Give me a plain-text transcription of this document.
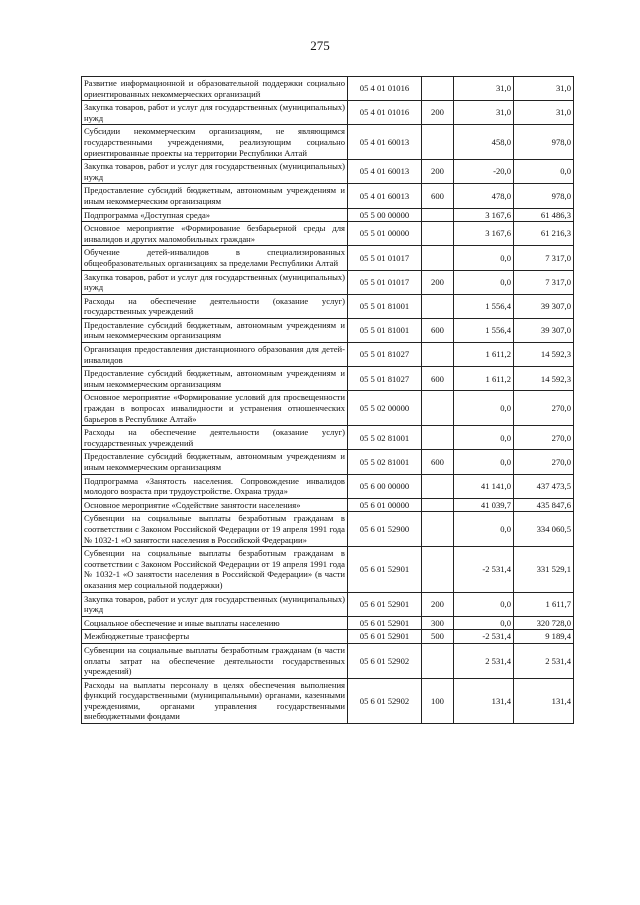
275
Развитие информационной и образовательной поддержки социально ориентированных некоммерческих организаций	05 4 01 01016		31,0	31,0
Закупка товаров, работ и услуг для государственных (муниципальных) нужд	05 4 01 01016	200	31,0	31,0
Субсидии некоммерческим организациям, не являющимся государственными учреждениями, реализующим социально ориентированные проекты на территории Республики Алтай	05 4 01 60013		458,0	978,0
Закупка товаров, работ и услуг для государственных (муниципальных) нужд	05 4 01 60013	200	-20,0	0,0
Предоставление субсидий бюджетным, автономным учреждениям и иным некоммерческим организациям	05 4 01 60013	600	478,0	978,0
Подпрограмма «Доступная среда»	05 5 00 00000		3 167,6	61 486,3
Основное мероприятие «Формирование безбарьерной среды для инвалидов и других маломобильных граждан»	05 5 01 00000		3 167,6	61 216,3
Обучение детей-инвалидов в специализированных общеобразовательных организациях за пределами Республики Алтай	05 5 01 01017		0,0	7 317,0
Закупка товаров, работ и услуг для государственных (муниципальных) нужд	05 5 01 01017	200	0,0	7 317,0
Расходы на обеспечение деятельности (оказание услуг) государственных учреждений	05 5 01 81001		1 556,4	39 307,0
Предоставление субсидий бюджетным, автономным учреждениям и иным некоммерческим организациям	05 5 01 81001	600	1 556,4	39 307,0
Организация предоставления дистанционного образования для детей-инвалидов	05 5 01 81027		1 611,2	14 592,3
Предоставление субсидий бюджетным, автономным учреждениям и иным некоммерческим организациям	05 5 01 81027	600	1 611,2	14 592,3
Основное мероприятие «Формирование условий для просвещенности граждан в вопросах инвалидности и устранения отношенческих барьеров в Республике Алтай»	05 5 02 00000		0,0	270,0
Расходы на обеспечение деятельности (оказание услуг) государственных учреждений	05 5 02 81001		0,0	270,0
Предоставление субсидий бюджетным, автономным учреждениям и иным некоммерческим организациям	05 5 02 81001	600	0,0	270,0
Подпрограмма «Занятость населения. Сопровождение инвалидов молодого возраста при трудоустройстве. Охрана труда»	05 6 00 00000		41 141,0	437 473,5
Основное мероприятие «Содействие занятости населения»	05 6 01 00000		41 039,7	435 847,6
Субвенции на социальные выплаты безработным гражданам в соответствии с Законом Российской Федерации от 19 апреля 1991 года № 1032-1 «О занятости населения в Российской Федерации»	05 6 01 52900		0,0	334 060,5
Субвенции на социальные выплаты безработным гражданам в соответствии с Законом Российской Федерации от 19 апреля 1991 года № 1032-1 «О занятости населения в Российской Федерации» (в части оказания мер социальной поддержки)	05 6 01 52901		-2 531,4	331 529,1
Закупка товаров, работ и услуг для государственных (муниципальных) нужд	05 6 01 52901	200	0,0	1 611,7
Социальное обеспечение и иные выплаты населению	05 6 01 52901	300	0,0	320 728,0
Межбюджетные трансферты	05 6 01 52901	500	-2 531,4	9 189,4
Субвенции на социальные выплаты безработным гражданам (в части оплаты затрат на обеспечение деятельности государственных учреждений)	05 6 01 52902		2 531,4	2 531,4
Расходы на выплаты персоналу в целях обеспечения выполнения функций государственными (муниципальными) органами, казенными учреждениями, органами управления государственными внебюджетными фондами	05 6 01 52902	100	131,4	131,4
